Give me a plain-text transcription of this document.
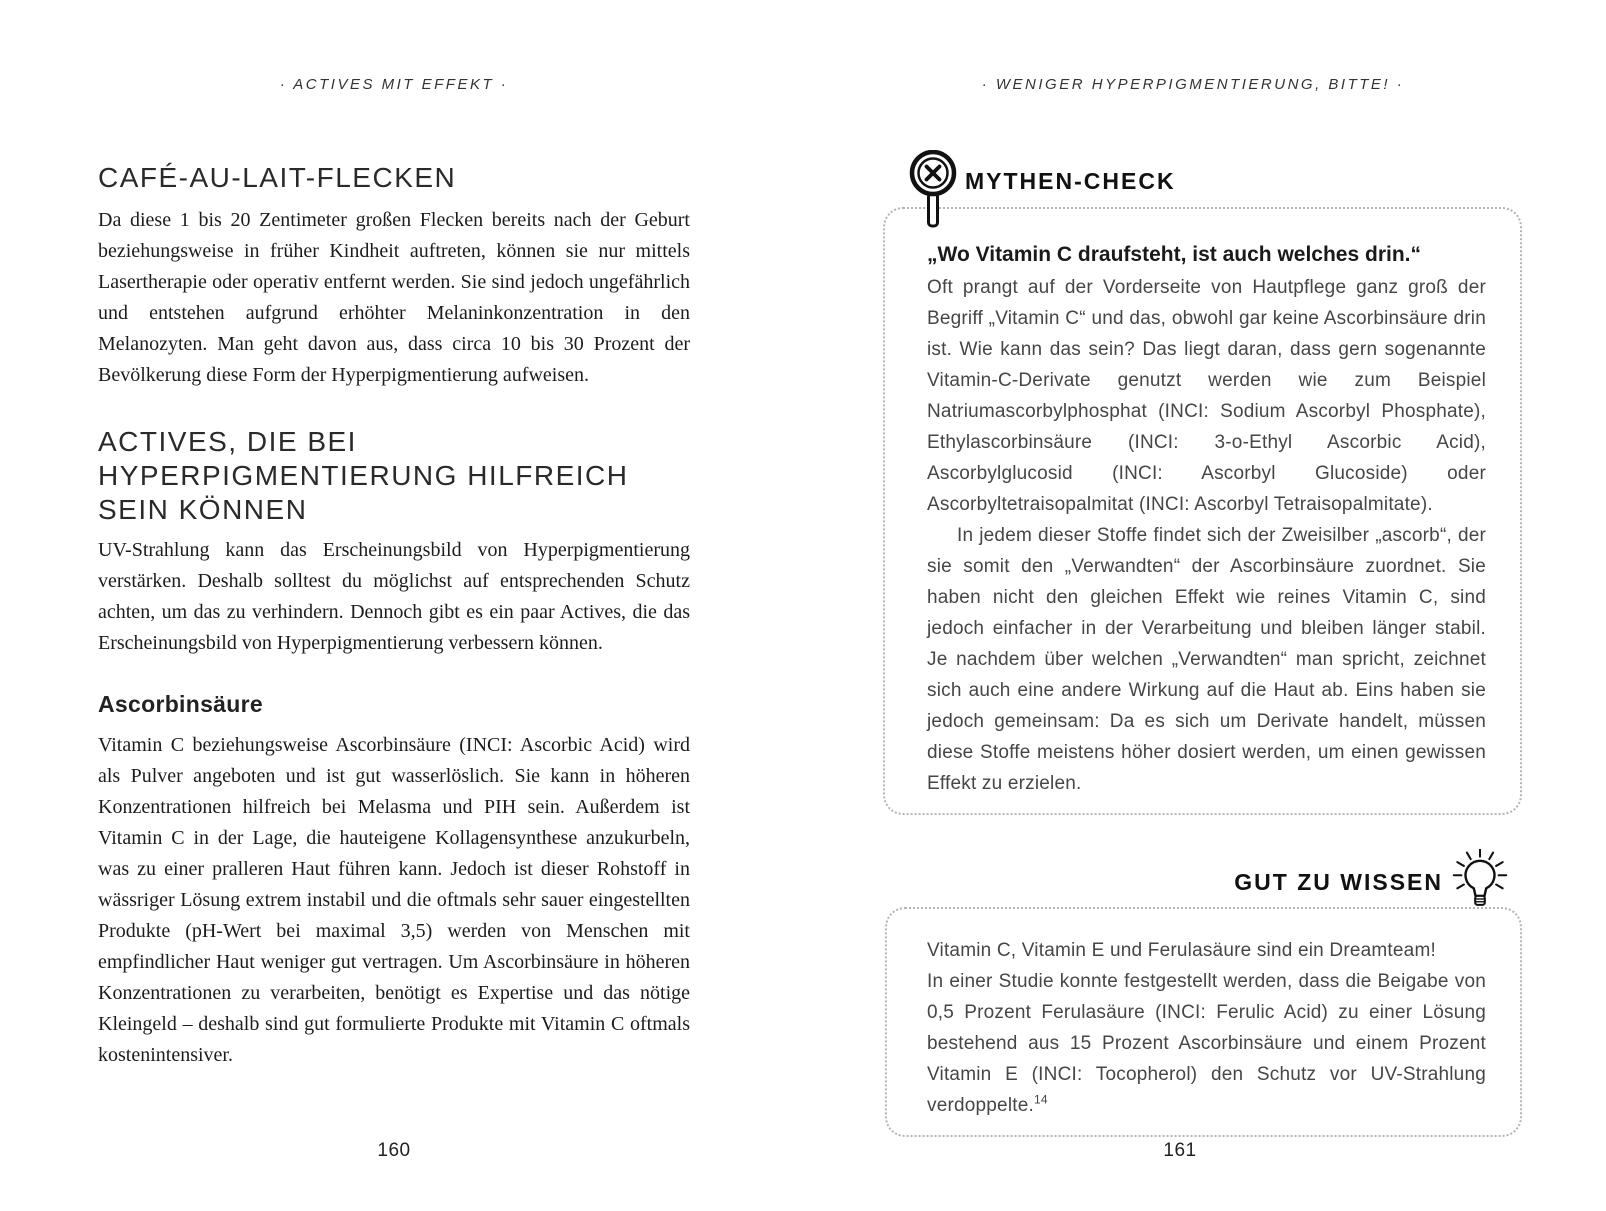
· ACTIVES MIT EFFEKT ·
CAFÉ-AU-LAIT-FLECKEN

Da diese 1 bis 20 Zentimeter großen Flecken bereits nach der Geburt beziehungsweise in früher Kindheit auftreten, können sie nur mittels Lasertherapie oder operativ entfernt werden. Sie sind jedoch ungefährlich und entstehen aufgrund erhöhter Melaninkonzentration in den Melanozyten. Man geht davon aus, dass circa 10 bis 30 Prozent der Bevölkerung diese Form der Hyperpigmentierung aufweisen.

ACTIVES, DIE BEI HYPERPIGMENTIERUNG HILFREICH SEIN KÖNNEN

UV-Strahlung kann das Erscheinungsbild von Hyperpigmentierung verstärken. Deshalb solltest du möglichst auf entsprechenden Schutz achten, um das zu verhindern. Dennoch gibt es ein paar Actives, die das Erscheinungsbild von Hyperpigmentierung verbessern können.

Ascorbinsäure

Vitamin C beziehungsweise Ascorbinsäure (INCI: Ascorbic Acid) wird als Pulver angeboten und ist gut wasserlöslich. Sie kann in höheren Konzentrationen hilfreich bei Melasma und PIH sein. Außerdem ist Vitamin C in der Lage, die hauteigene Kollagensynthese anzukurbeln, was zu einer pralleren Haut führen kann. Jedoch ist dieser Rohstoff in wässriger Lösung extrem instabil und die oftmals sehr sauer eingestellten Produkte (pH-Wert bei maximal 3,5) werden von Menschen mit empfindlicher Haut weniger gut vertragen. Um Ascorbinsäure in höheren Konzentrationen zu verarbeiten, benötigt es Expertise und das nötige Kleingeld – deshalb sind gut formulierte Produkte mit Vitamin C oftmals kostenintensiver.

160
· WENIGER HYPERPIGMENTIERUNG, BITTE! ·
MYTHEN-CHECK
„Wo Vitamin C draufsteht, ist auch welches drin.“

Oft prangt auf der Vorderseite von Hautpflege ganz groß der Begriff „Vitamin C“ und das, obwohl gar keine Ascorbinsäure drin ist. Wie kann das sein? Das liegt daran, dass gern sogenannte Vitamin-C-Derivate genutzt werden wie zum Beispiel Natriumascorbylphosphat (INCI: Sodium Ascorbyl Phosphate), Ethylascorbinsäure (INCI: 3-o-Ethyl Ascorbic Acid), Ascorbylglucosid (INCI: Ascorbyl Glucoside) oder Ascorbyltetraisopalmitat (INCI: Ascorbyl Tetraisopalmitate).

In jedem dieser Stoffe findet sich der Zweisilber „ascorb“, der sie somit den „Verwandten“ der Ascorbinsäure zuordnet. Sie haben nicht den gleichen Effekt wie reines Vitamin C, sind jedoch einfacher in der Verarbeitung und bleiben länger stabil. Je nachdem über welchen „Verwandten“ man spricht, zeichnet sich auch eine andere Wirkung auf die Haut ab. Eins haben sie jedoch gemeinsam: Da es sich um Derivate handelt, müssen diese Stoffe meistens höher dosiert werden, um einen gewissen Effekt zu erzielen.

GUT ZU WISSEN

Vitamin C, Vitamin E und Ferulasäure sind ein Dreamteam!

In einer Studie konnte festgestellt werden, dass die Beigabe von 0,5 Prozent Ferulasäure (INCI: Ferulic Acid) zu einer Lösung bestehend aus 15 Prozent Ascorbinsäure und einem Prozent Vitamin E (INCI: Tocopherol) den Schutz vor UV-Strahlung verdoppelte.$^{14}$

161
